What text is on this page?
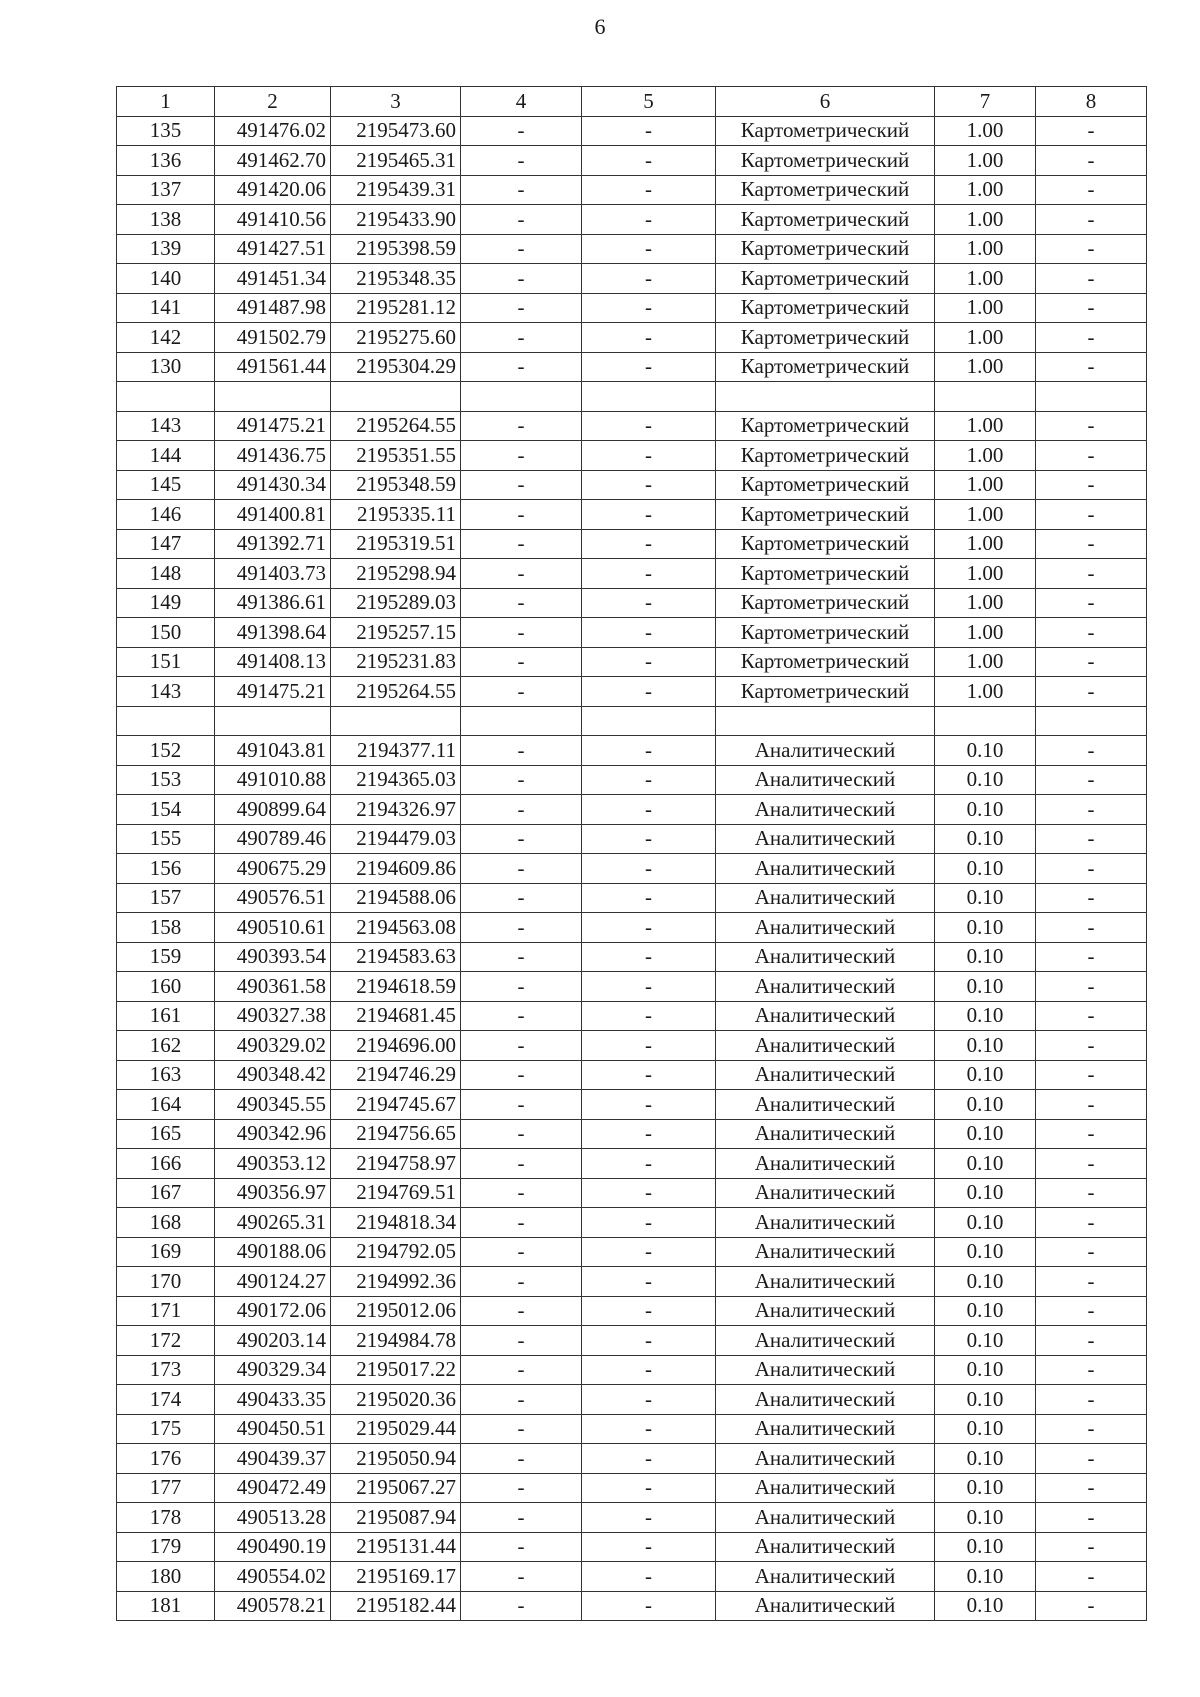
6
1	2	3	4	5	6	7	8
135	491476.02	2195473.60	-	-	Картометрический	1.00	-
136	491462.70	2195465.31	-	-	Картометрический	1.00	-
137	491420.06	2195439.31	-	-	Картометрический	1.00	-
138	491410.56	2195433.90	-	-	Картометрический	1.00	-
139	491427.51	2195398.59	-	-	Картометрический	1.00	-
140	491451.34	2195348.35	-	-	Картометрический	1.00	-
141	491487.98	2195281.12	-	-	Картометрический	1.00	-
142	491502.79	2195275.60	-	-	Картометрический	1.00	-
130	491561.44	2195304.29	-	-	Картометрический	1.00	-

143	491475.21	2195264.55	-	-	Картометрический	1.00	-
144	491436.75	2195351.55	-	-	Картометрический	1.00	-
145	491430.34	2195348.59	-	-	Картометрический	1.00	-
146	491400.81	2195335.11	-	-	Картометрический	1.00	-
147	491392.71	2195319.51	-	-	Картометрический	1.00	-
148	491403.73	2195298.94	-	-	Картометрический	1.00	-
149	491386.61	2195289.03	-	-	Картометрический	1.00	-
150	491398.64	2195257.15	-	-	Картометрический	1.00	-
151	491408.13	2195231.83	-	-	Картометрический	1.00	-
143	491475.21	2195264.55	-	-	Картометрический	1.00	-

152	491043.81	2194377.11	-	-	Аналитический	0.10	-
153	491010.88	2194365.03	-	-	Аналитический	0.10	-
154	490899.64	2194326.97	-	-	Аналитический	0.10	-
155	490789.46	2194479.03	-	-	Аналитический	0.10	-
156	490675.29	2194609.86	-	-	Аналитический	0.10	-
157	490576.51	2194588.06	-	-	Аналитический	0.10	-
158	490510.61	2194563.08	-	-	Аналитический	0.10	-
159	490393.54	2194583.63	-	-	Аналитический	0.10	-
160	490361.58	2194618.59	-	-	Аналитический	0.10	-
161	490327.38	2194681.45	-	-	Аналитический	0.10	-
162	490329.02	2194696.00	-	-	Аналитический	0.10	-
163	490348.42	2194746.29	-	-	Аналитический	0.10	-
164	490345.55	2194745.67	-	-	Аналитический	0.10	-
165	490342.96	2194756.65	-	-	Аналитический	0.10	-
166	490353.12	2194758.97	-	-	Аналитический	0.10	-
167	490356.97	2194769.51	-	-	Аналитический	0.10	-
168	490265.31	2194818.34	-	-	Аналитический	0.10	-
169	490188.06	2194792.05	-	-	Аналитический	0.10	-
170	490124.27	2194992.36	-	-	Аналитический	0.10	-
171	490172.06	2195012.06	-	-	Аналитический	0.10	-
172	490203.14	2194984.78	-	-	Аналитический	0.10	-
173	490329.34	2195017.22	-	-	Аналитический	0.10	-
174	490433.35	2195020.36	-	-	Аналитический	0.10	-
175	490450.51	2195029.44	-	-	Аналитический	0.10	-
176	490439.37	2195050.94	-	-	Аналитический	0.10	-
177	490472.49	2195067.27	-	-	Аналитический	0.10	-
178	490513.28	2195087.94	-	-	Аналитический	0.10	-
179	490490.19	2195131.44	-	-	Аналитический	0.10	-
180	490554.02	2195169.17	-	-	Аналитический	0.10	-
181	490578.21	2195182.44	-	-	Аналитический	0.10	-
